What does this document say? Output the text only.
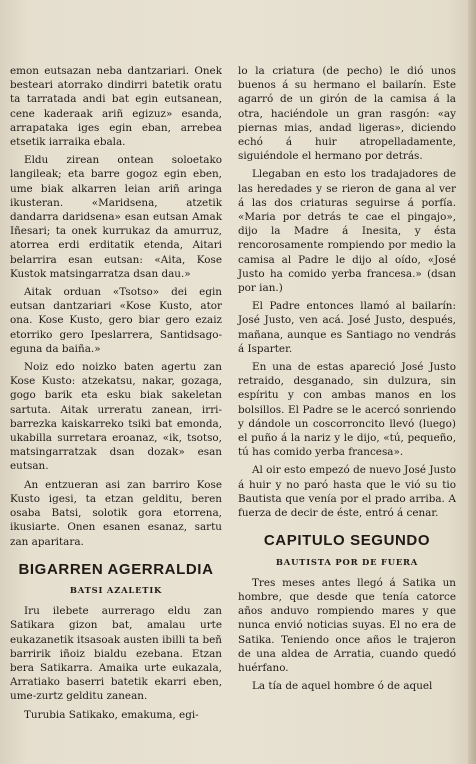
emon eutsazan neba dantzariari. Onek besteari atorrako dindirri batetik oratu ta tarratada andi bat egin eutsanean, cene kaderaak ariñ egizuz» esanda, arrapataka iges egin eban, arrebea etsetik iarraika ebala.

Eldu zirean ontean soloetako langileak; eta barre gogoz egin eben, ume biak alkarren leian ariñ aringa ikusteran. «Maridsena, atzetik dandarra daridsena» esan eutsan Amak Iñesari; ta onek kurrukaz da amurruz, atorrea erdi erditatik etenda, Aitari belarrira esan eutsan: «Aita, Kose Kustok matsingarratza dsan dau.»

Aitak orduan «Tsotso» dei egin eutsan dantzariari «Kose Kusto, ator ona. Kose Kusto, gero biar gero ezaiz etorriko gero Ipeslarrera, Santidsago-eguna da baiña.»

Noiz edo noizko baten agertu zan Kose Kusto: atzekatsu, nakar, gozaga, gogo barik eta esku biak sakeletan sartuta. Aitak urreratu zanean, irri-barrezka kaiskarreko tsiki bat emonda, ukabilla surretara eroanaz, «ik, tsotso, matsingarratzak dsan dozak» esan eutsan.

An entzueran asi zan barriro Kose Kusto igesi, ta etzan gelditu, beren osaba Batsi, solotik gora etorrena, ikusiarte. Onen esanen esanaz, sartu zan aparitara.

BIGARREN AGERRALDIA
BATSI AZALETIK

Iru ilebete aurrerago eldu zan Satikara gizon bat, amalau urte eukazanetik itsasoak austen ibilli ta beñ barririk iñoiz bialdu ezebana. Etzan bera Satikarra. Amaika urte eukazala, Arratiako baserri batetik ekarri eben, ume-zurtz gelditu zanean.

Turubia Satikako, emakuma, egi-

lo la criatura (de pecho) le dió unos buenos á su hermano el bailarín. Este agarró de un girón de la camisa á la otra, haciéndole un gran rasgón: «ay piernas mias, andad ligeras», diciendo echó á huir atropelladamente, siguiéndole el hermano por detrás.

Llegaban en esto los tradajadores de las heredades y se rieron de gana al ver á las dos criaturas seguirse á porfía. «Maria por detrás te cae el pingajo», dijo la Madre á Inesita, y ésta rencorosamente rompiendo por medio la camisa al Padre le dijo al oído, «José Justo ha comido yerba francesa.» (dsan por ian.)

El Padre entonces llamó al bailarín: José Justo, ven acá. José Justo, después, mañana, aunque es Santiago no vendrás á Isparter.

En una de estas apareció José Justo retraido, desganado, sin dulzura, sin espíritu y con ambas manos en los bolsillos. El Padre se le acercó sonriendo y dándole un coscorroncito llevó (luego) el puño á la nariz y le dijo, «tú, pequeño, tú has comido yerba francesa».

Al oir esto empezó de nuevo José Justo á huir y no paró hasta que le vió su tio Bautista que venía por el prado arriba. A fuerza de decir de éste, entró á cenar.

CAPITULO SEGUNDO
BAUTISTA POR DE FUERA

Tres meses antes llegó á Satika un hombre, que desde que tenía catorce años anduvo rompiendo mares y que nunca envió noticias suyas. El no era de Satika. Teniendo once años le trajeron de una aldea de Arratia, cuando quedó huérfano.

La tía de aquel hombre ó de aquel
